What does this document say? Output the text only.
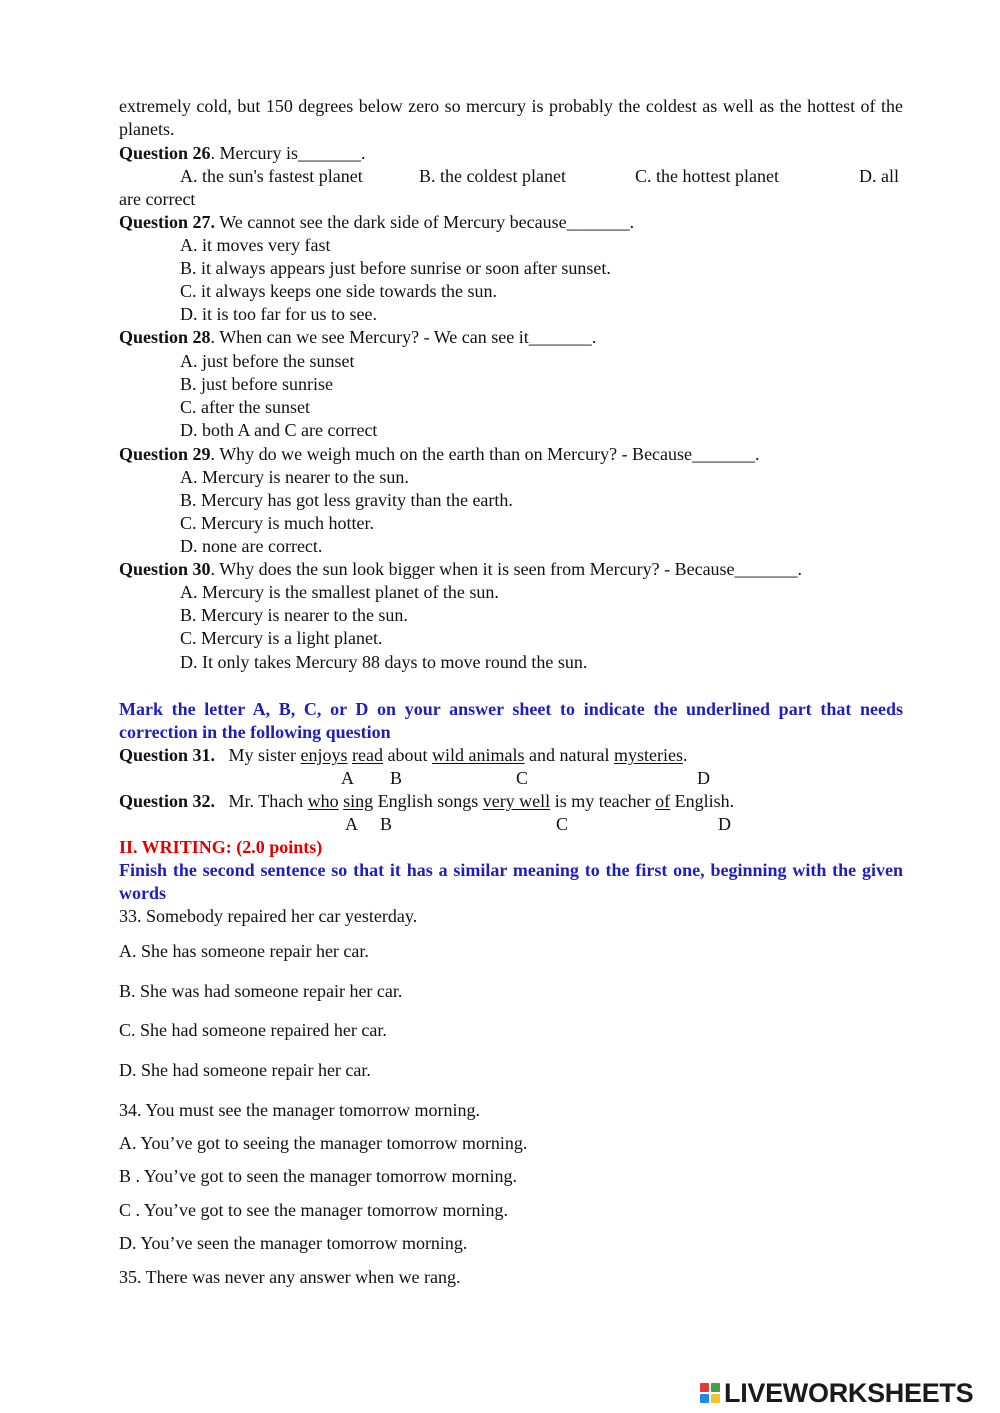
extremely cold, but 150 degrees below zero so mercury is probably the coldest as well as the hottest of the planets.
Question 26. Mercury is_______.
A. the sun's fastest planet	B. the coldest planet	C. the hottest planet	D. all
are correct
Question 27. We cannot see the dark side of Mercury because_______.
A. it moves very fast
B. it always appears just before sunrise or soon after sunset.
C. it always keeps one side towards the sun.
D. it is too far for us to see.
Question 28. When can we see Mercury? - We can see it_______.
A. just before the sunset
B. just before sunrise
C. after the sunset
D. both A and C are correct
Question 29. Why do we weigh much on the earth than on Mercury? - Because_______.
A. Mercury is nearer to the sun.
B. Mercury has got less gravity than the earth.
C. Mercury is much hotter.
D. none are correct.
Question 30. Why does the sun look bigger when it is seen from Mercury? - Because_______.
A. Mercury is the smallest planet of the sun.
B. Mercury is nearer to the sun.
C. Mercury is a light planet.
D. It only takes Mercury 88 days to move round the sun.
Mark the letter A, B, C, or D on your answer sheet to indicate the underlined part that needs correction in the following question
Question 31. My sister enjoys read about wild animals and natural mysteries.
A B	C	D
Question 32. Mr. Thach who sing English songs very well is my teacher of English.
A B	C	D
II. WRITING: (2.0 points)
Finish the second sentence so that it has a similar meaning to the first one, beginning with the given words
33. Somebody repaired her car yesterday.
A. She has someone repair her car.
B. She was had someone repair her car.
C. She had someone repaired her car.
D. She had someone repair her car.
34. You must see the manager tomorrow morning.
A. You’ve got to seeing the manager tomorrow morning.
B . You’ve got to seen the manager tomorrow morning.
C . You’ve got to see the manager tomorrow morning.
D. You’ve seen the manager tomorrow morning.
35. There was never any answer when we rang.
LIVEWORKSHEETS
